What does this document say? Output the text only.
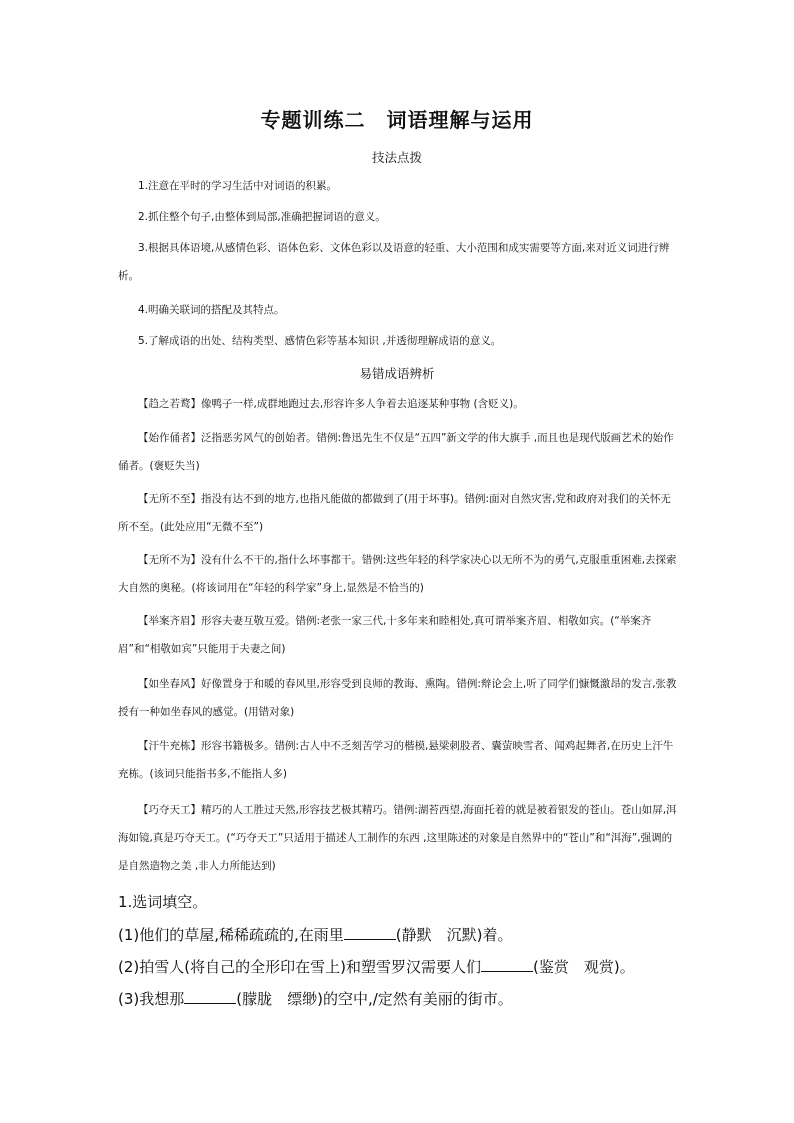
专题训练二　词语理解与运用
技法点拨
1.注意在平时的学习生活中对词语的积累。
2.抓住整个句子,由整体到局部,准确把握词语的意义。
3.根据具体语境,从感情色彩、语体色彩、文体色彩以及语意的轻重、大小范围和成实需要等方面,来对近义词进行辨析。
4.明确关联词的搭配及其特点。
5.了解成语的出处、结构类型、感情色彩等基本知识 ,并透彻理解成语的意义。
易错成语辨析
【趋之若鹜】像鸭子一样,成群地跑过去,形容许多人争着去追逐某种事物 (含贬义)。
【始作俑者】泛指恶劣风气的创始者。错例:鲁迅先生不仅是“五四”新文学的伟大旗手 ,而且也是现代版画艺术的始作俑者。(褒贬失当)
【无所不至】指没有达不到的地方,也指凡能做的都做到了(用于坏事)。错例:面对自然灾害,党和政府对我们的关怀无所不至。(此处应用“无微不至”)
【无所不为】没有什么不干的,指什么坏事都干。错例:这些年轻的科学家决心以无所不为的勇气,克服重重困难,去探索大自然的奥秘。(将该词用在“年轻的科学家”身上,显然是不恰当的)
【举案齐眉】形容夫妻互敬互爱。错例:老张一家三代,十多年来和睦相处,真可谓举案齐眉、相敬如宾。(“举案齐眉”和“相敬如宾”只能用于夫妻之间)
【如坐春风】好像置身于和暖的春风里,形容受到良师的教诲、熏陶。错例:辩论会上,听了同学们慷慨激昂的发言,张教授有一种如坐春风的感觉。(用错对象)
【汗牛充栋】形容书籍极多。错例:古人中不乏刻苦学习的楷模,悬梁刺股者、囊萤映雪者、闻鸡起舞者,在历史上汗牛充栋。(该词只能指书多,不能指人多)
【巧夺天工】精巧的人工胜过天然,形容技艺极其精巧。错例:湖苔西望,海面托着的就是被着银发的苍山。苍山如屏,洱海如镜,真是巧夺天工。(“巧夺天工”只适用于描述人工制作的东西 ,这里陈述的对象是自然界中的“苍山”和“洱海”,强调的是自然造物之美 ,非人力所能达到)
1.选词填空。
(1)他们的草屋,稀稀疏疏的,在雨里	(静默　沉默)着。
(2)拍雪人(将自己的全形印在雪上)和塑雪罗汉需要人们	(鉴赏　观赏)。
(3)我想那	(朦胧　缥缈)的空中,/定然有美丽的街市。
